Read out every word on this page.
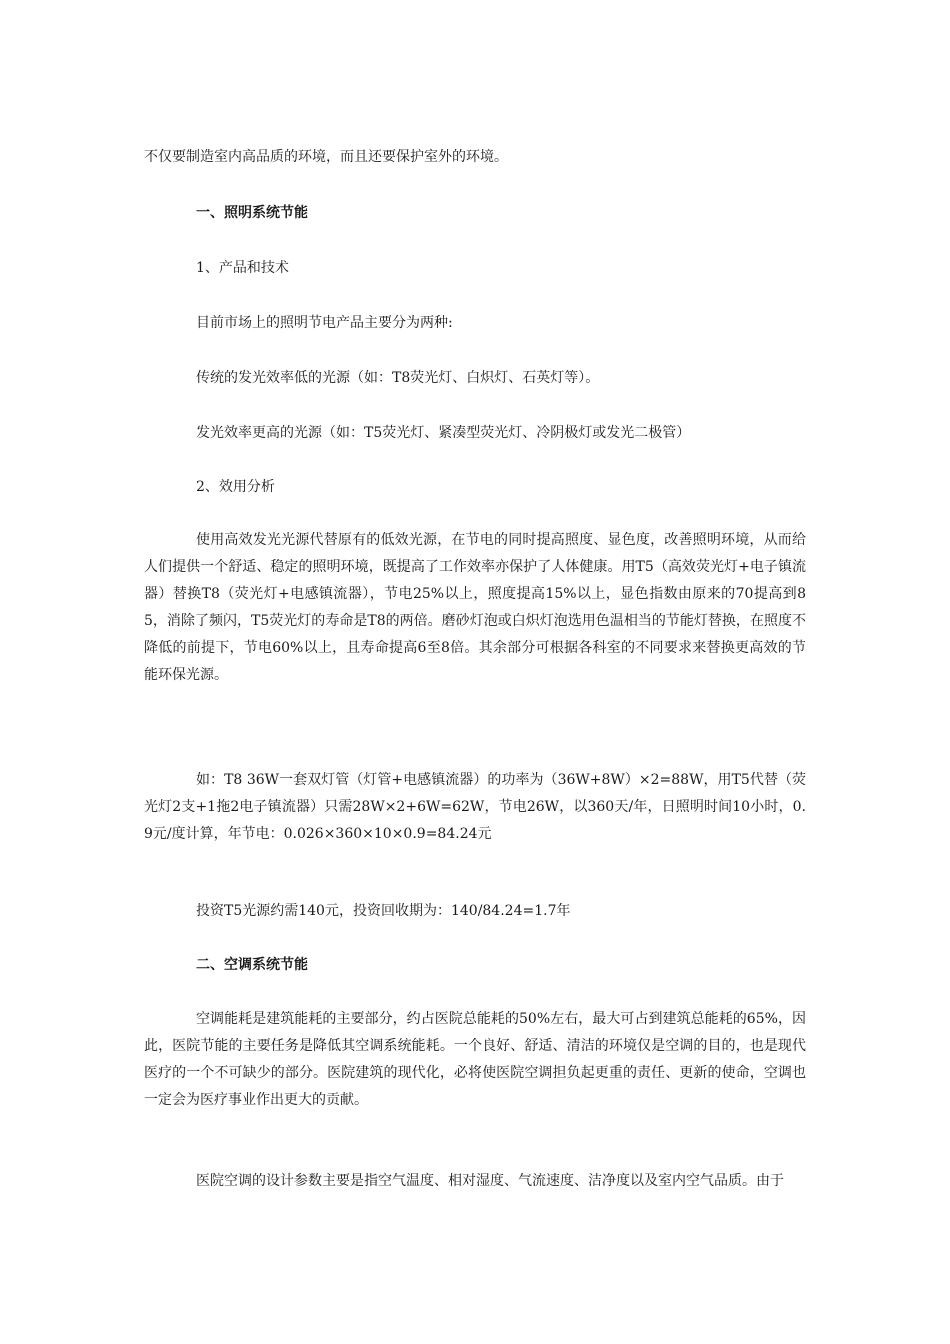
不仅要制造室内高品质的环境，而且还要保护室外的环境。
一、照明系统节能
1、产品和技术
目前市场上的照明节电产品主要分为两种:
传统的发光效率低的光源（如：T8荧光灯、白炽灯、石英灯等）。
发光效率更高的光源（如：T5荧光灯、紧凑型荧光灯、冷阴极灯或发光二极管）
2、效用分析
使用高效发光光源代替原有的低效光源，在节电的同时提高照度、显色度，改善照明环境，从而给人们提供一个舒适、稳定的照明环境，既提高了工作效率亦保护了人体健康。用T5（高效荧光灯+电子镇流器）替换T8（荧光灯+电感镇流器），节电25%以上，照度提高15%以上，显色指数由原来的70提高到85，消除了频闪，T5荧光灯的寿命是T8的两倍。磨砂灯泡或白炽灯泡选用色温相当的节能灯替换，在照度不降低的前提下，节电60%以上，且寿命提高6至8倍。其余部分可根据各科室的不同要求来替换更高效的节能环保光源。
如：T8 36W一套双灯管（灯管+电感镇流器）的功率为（36W+8W）×2=88W，用T5代替（荧光灯2支+1拖2电子镇流器）只需28W×2+6W=62W，节电26W，以360天/年，日照明时间10小时，0.9元/度计算，年节电：0.026×360×10×0.9=84.24元
投资T5光源约需140元，投资回收期为：140/84.24=1.7年
二、空调系统节能
空调能耗是建筑能耗的主要部分，约占医院总能耗的50%左右，最大可占到建筑总能耗的65%，因此，医院节能的主要任务是降低其空调系统能耗。一个良好、舒适、清洁的环境仅是空调的目的，也是现代医疗的一个不可缺少的部分。医院建筑的现代化，必将使医院空调担负起更重的责任、更新的使命，空调也一定会为医疗事业作出更大的贡献。
医院空调的设计参数主要是指空气温度、相对湿度、气流速度、洁净度以及室内空气品质。由于
